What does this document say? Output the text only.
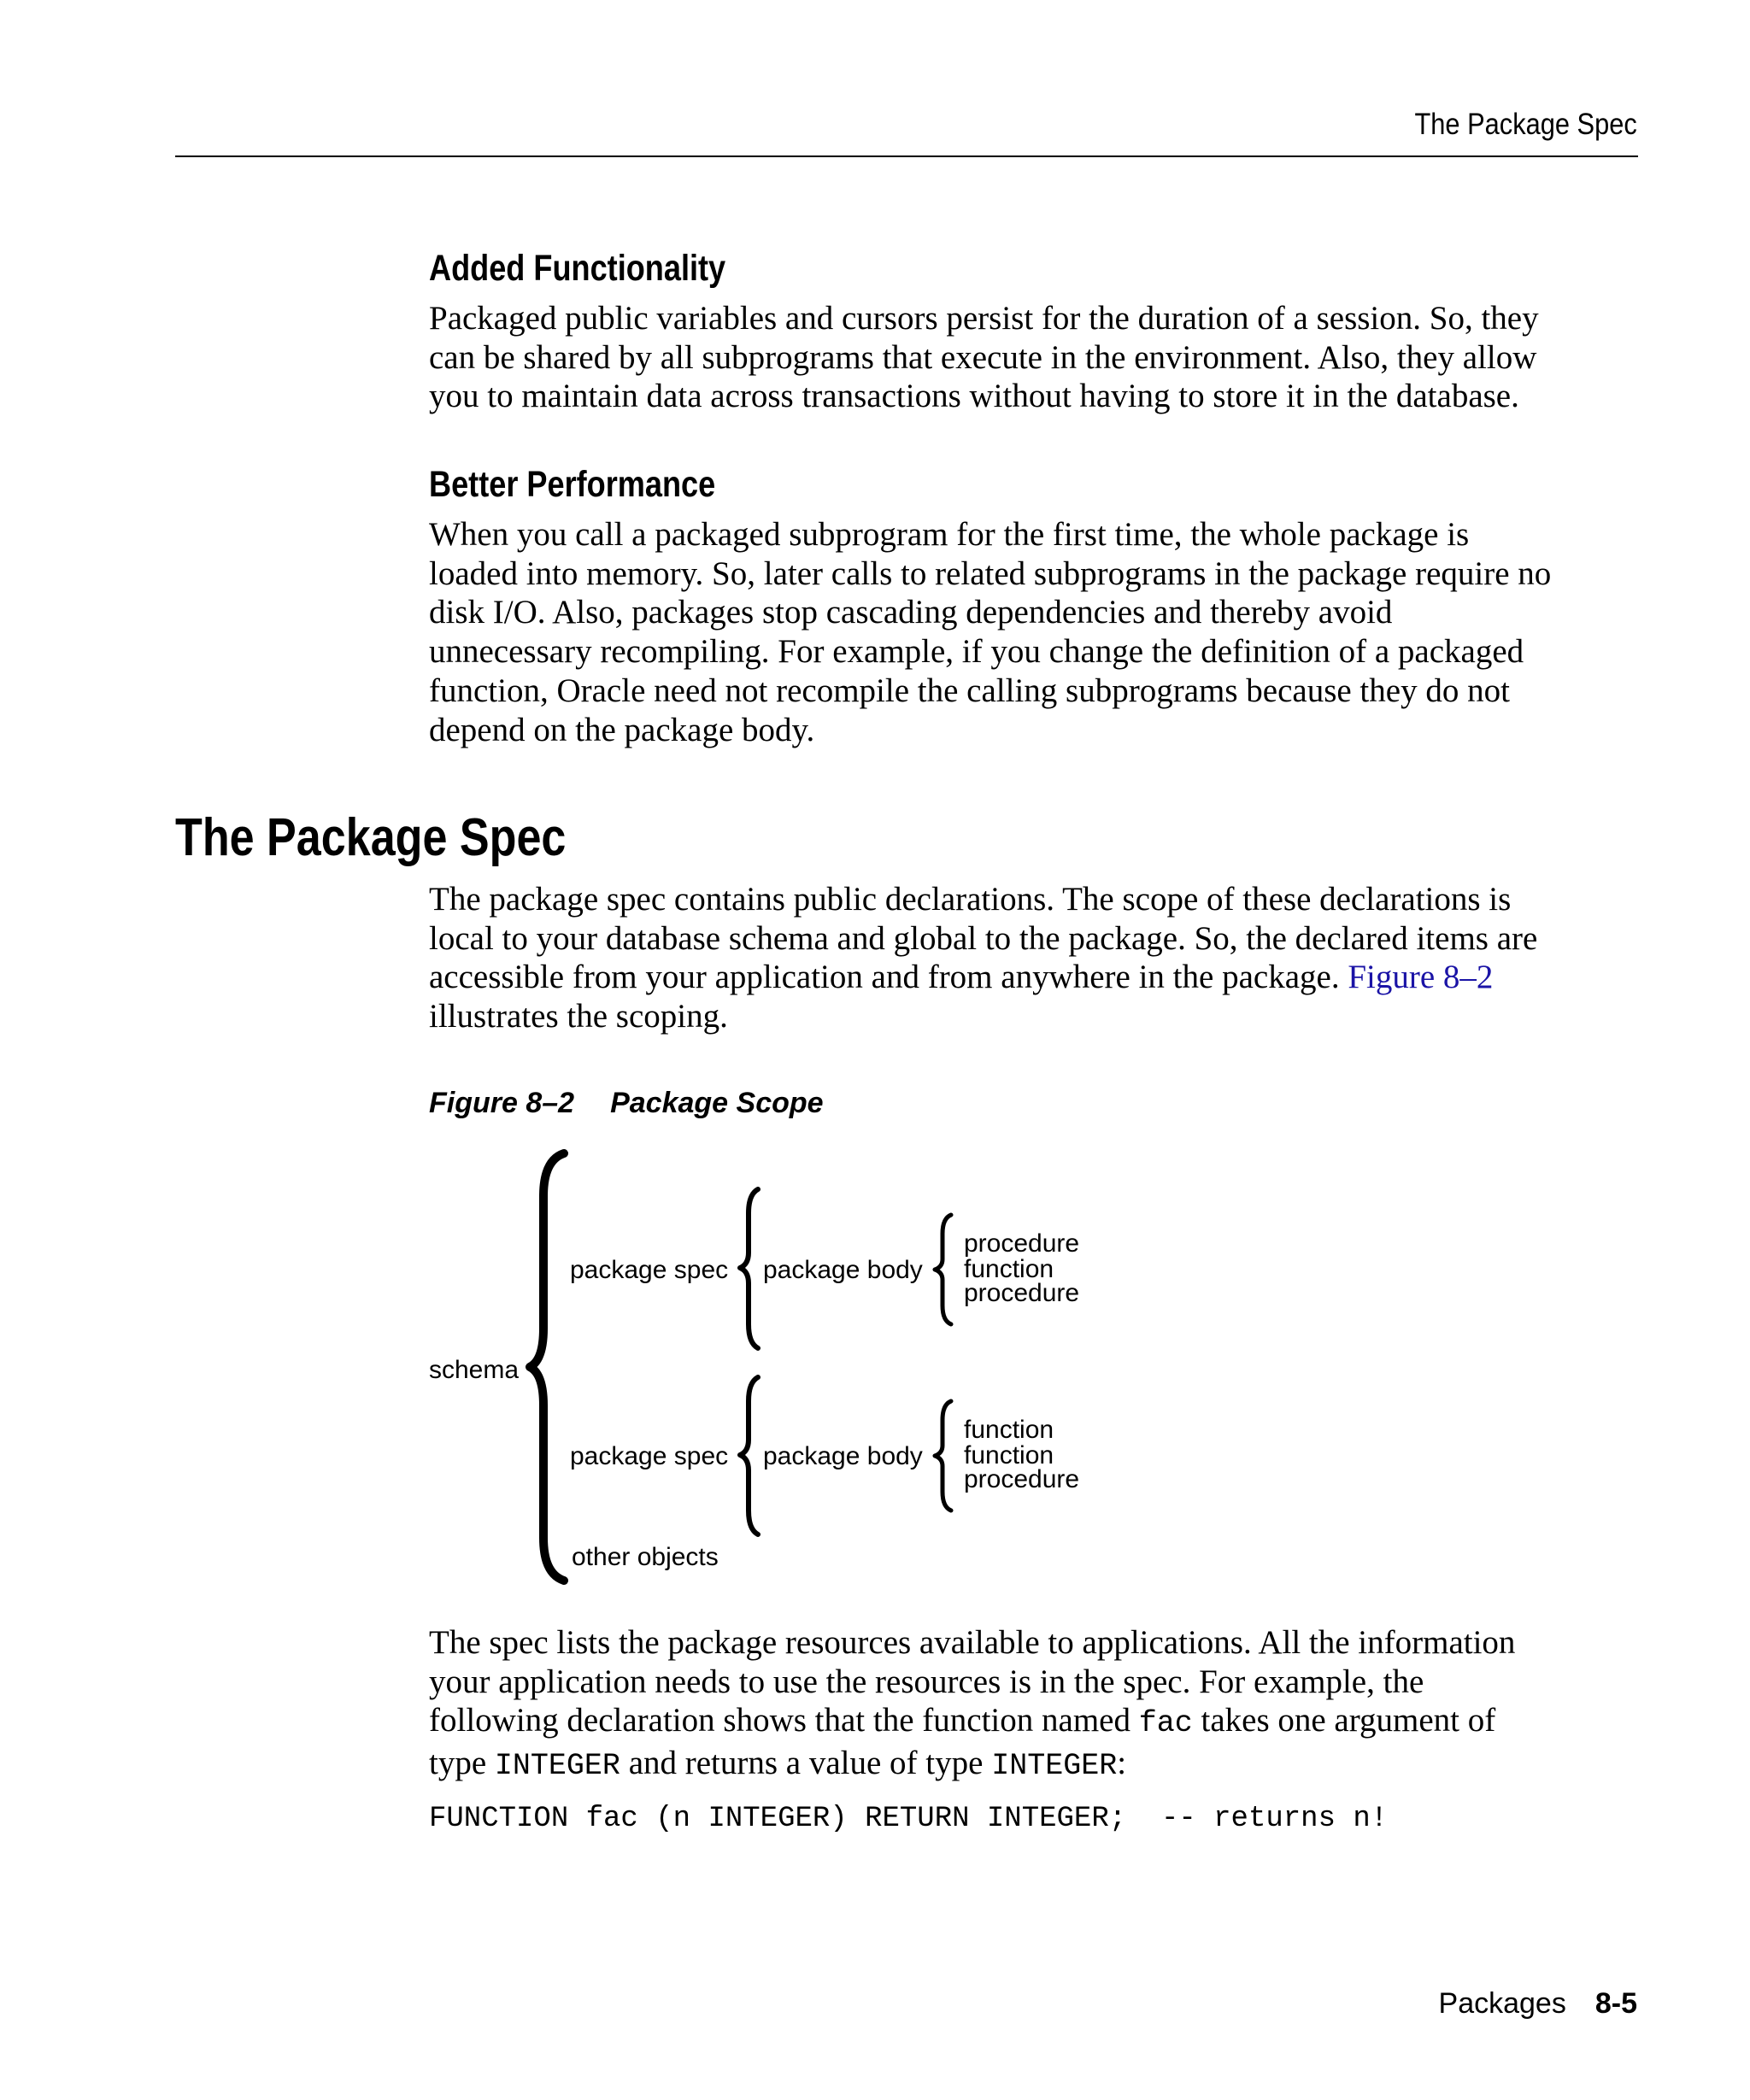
The Package Spec
Added Functionality

Packaged public variables and cursors persist for the duration of a session. So, they
can be shared by all subprograms that execute in the environment. Also, they allow
you to maintain data across transactions without having to store it in the database.

Better Performance

When you call a packaged subprogram for the first time, the whole package is
loaded into memory. So, later calls to related subprograms in the package require no
disk I/O. Also, packages stop cascading dependencies and thereby avoid
unnecessary recompiling. For example, if you change the definition of a packaged
function, Oracle need not recompile the calling subprograms because they do not
depend on the package body.

The Package Spec

The package spec contains public declarations. The scope of these declarations is
local to your database schema and global to the package. So, the declared items are
accessible from your application and from anywhere in the package. Figure 8–2
illustrates the scoping.

Figure 8–2 Package Scope
schema
package spec package body
procedure
function
procedure
package spec package body
function
function
procedure
other objects

The spec lists the package resources available to applications. All the information
your application needs to use the resources is in the spec. For example, the
following declaration shows that the function named fac takes one argument of
type INTEGER and returns a value of type INTEGER:

FUNCTION fac (n INTEGER) RETURN INTEGER;  -- returns n!
Packages 8-5
